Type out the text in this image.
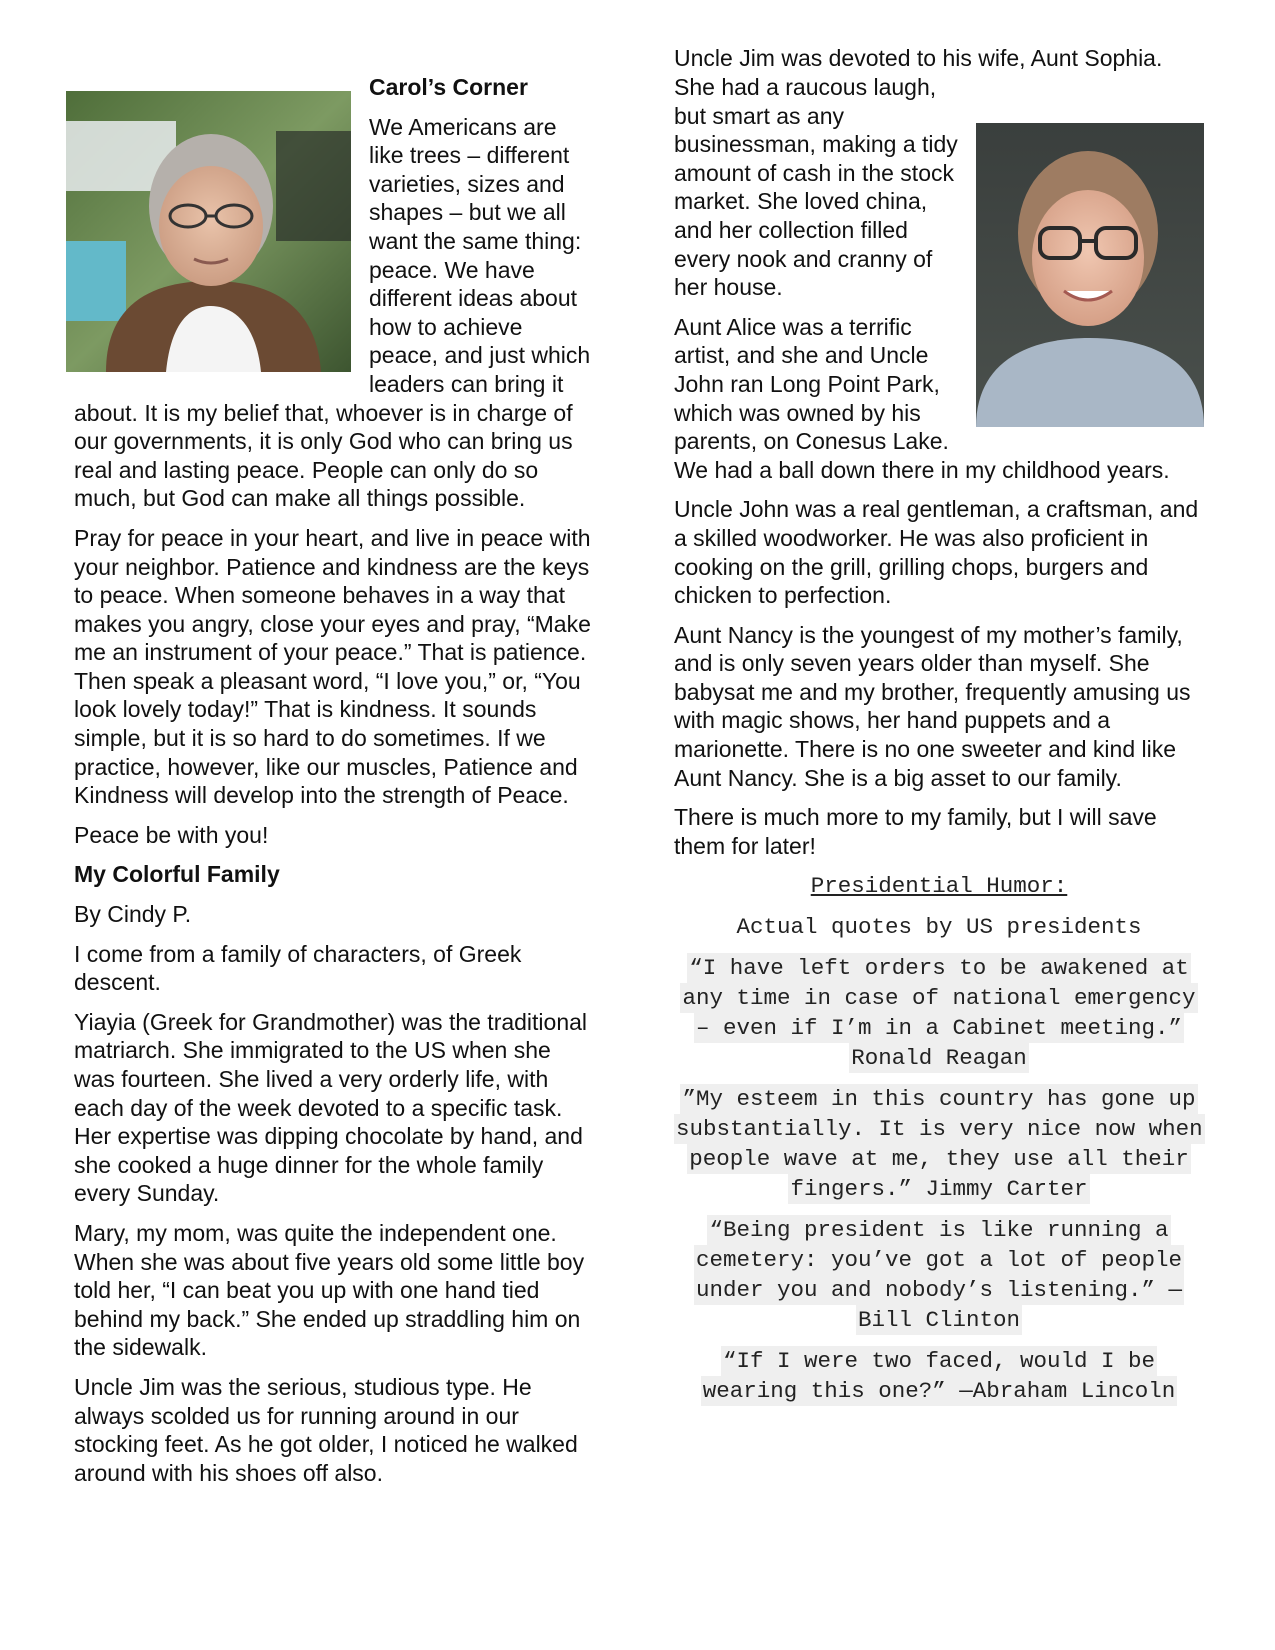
Carol’s Corner

We Americans are like trees – different varieties, sizes and shapes – but we all want the same thing: peace. We have different ideas about how to achieve peace, and just which leaders can bring it about. It is my belief that, whoever is in charge of our governments, it is only God who can bring us real and lasting peace. People can only do so much, but God can make all things possible.

Pray for peace in your heart, and live in peace with your neighbor. Patience and kindness are the keys to peace. When someone behaves in a way that makes you angry, close your eyes and pray, “Make me an instrument of your peace.” That is patience. Then speak a pleasant word, “I love you,” or, “You look lovely today!” That is kindness. It sounds simple, but it is so hard to do sometimes. If we practice, however, like our muscles, Patience and Kindness will develop into the strength of Peace.

Peace be with you!

My Colorful Family

By Cindy P.

I come from a family of characters, of Greek descent.

Yiayia (Greek for Grandmother) was the traditional matriarch. She immigrated to the US when she was fourteen. She lived a very orderly life, with each day of the week devoted to a specific task. Her expertise was dipping chocolate by hand, and she cooked a huge dinner for the whole family every Sunday.

Mary, my mom, was quite the independent one. When she was about five years old some little boy told her, “I can beat you up with one hand tied behind my back.” She ended up straddling him on the sidewalk.

Uncle Jim was the serious, studious type. He always scolded us for running around in our stocking feet. As he got older, I noticed he walked around with his shoes off also.

Uncle Jim was devoted to his wife, Aunt Sophia. She had a raucous laugh, but smart as any businessman, making a tidy amount of cash in the stock market. She loved china, and her collection filled every nook and cranny of her house.

Aunt Alice was a terrific artist, and she and Uncle John ran Long Point Park, which was owned by his parents, on Conesus Lake. We had a ball down there in my childhood years.

Uncle John was a real gentleman, a craftsman, and a skilled woodworker. He was also proficient in cooking on the grill, grilling chops, burgers and chicken to perfection.

Aunt Nancy is the youngest of my mother’s family, and is only seven years older than myself. She babysat me and my brother, frequently amusing us with magic shows, her hand puppets and a marionette. There is no one sweeter and kind like Aunt Nancy. She is a big asset to our family.

There is much more to my family, but I will save them for later!

Presidential Humor:

Actual quotes by US presidents

“I have left orders to be awakened at any time in case of national emergency – even if I’m in a Cabinet meeting.” Ronald Reagan

”My esteem in this country has gone up substantially. It is very nice now when people wave at me, they use all their fingers.” Jimmy Carter

“Being president is like running a cemetery: you’ve got a lot of people under you and nobody’s listening.” —Bill Clinton

“If I were two faced, would I be wearing this one?” —Abraham Lincoln
